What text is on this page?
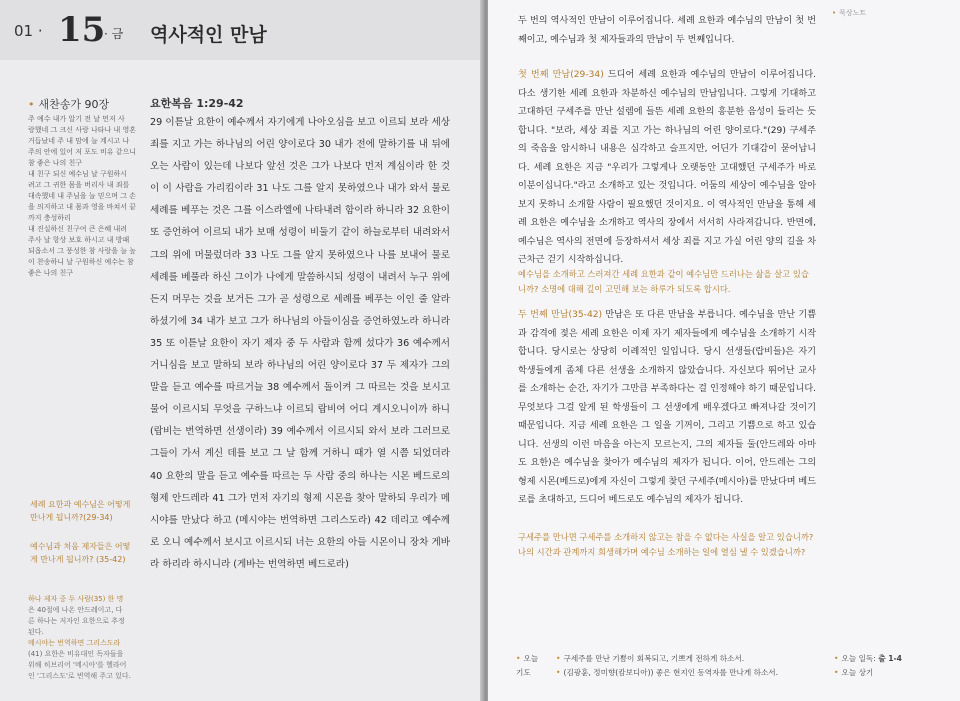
01 · 15
· 금 역사적인 만남
• 새찬송가 90장
주 예수 내가 알기 전 날 먼저 사
랑했네 그 크신 사랑 나타나 내 영혼
거듭났네 주 내 맘에 늘 계시고 나
주의 안에 있어 저 포도 비유 같으니
참 좋은 나의 친구
내 친구 되신 예수님 날 구원하시
려고 그 귀한 몸을 버리사 내 죄를
대속했네 내 주님을 늘 믿으며 그 손
을 의지하고 내 몸과 영을 바쳐서 끝
까지 충성하리
내 진실하신 친구여 큰 은혜 내려
주사 날 항상 보호 하시고 내 방패
되옵소서 그 풍성한 참 사랑을 늘 높
이 찬송하니 날 구원하신 예수는 참
좋은 나의 친구
세례 요한과 예수님은 어떻게 만나게 됩니까?(29-34)
예수님과 처음 제자들은 어떻게 만나게 됩니까? (35-42)
하나 제자 중 두 사람(35) 한 명
은 40절에 나온 안드레이고, 다
른 하나는 저자인 요한으로 추정
된다.
메시야는 번역하면 그리스도라
(41) 요한은 비유대인 독자들을
위해 히브리어 '메시아'를 헬라어
인 '그리스도'로 번역해 주고 있다.
요한복음 1:29-42
29 이튿날 요한이 예수께서 자기에게 나아오심을 보고 이르되 보라 세상 죄를 지고 가는 하나님의 어린 양이로다 30 내가 전에 말하기를 내 뒤에 오는 사람이 있는데 나보다 앞선 것은 그가 나보다 먼저 계심이라 한 것이 이 사람을 가리킴이라 31 나도 그를 알지 못하였으나 내가 와서 물로 세례를 베푸는 것은 그를 이스라엘에 나타내려 함이라 하니라 32 요한이 또 증언하여 이르되 내가 보매 성령이 비둘기 같이 하늘로부터 내려와서 그의 위에 머물렀더라 33 나도 그를 알지 못하였으나 나를 보내어 물로 세례를 베풀라 하신 그이가 나에게 말씀하시되 성령이 내려서 누구 위에든지 머무는 것을 보거든 그가 곧 성령으로 세례를 베푸는 이인 줄 알라 하셨기에 34 내가 보고 그가 하나님의 아들이심을 증언하였노라 하니라 35 또 이튿날 요한이 자기 제자 중 두 사람과 함께 섰다가 36 예수께서 거니심을 보고 말하되 보라 하나님의 어린 양이로다 37 두 제자가 그의 말을 듣고 예수를 따르거늘 38 예수께서 돌이켜 그 따르는 것을 보시고 물어 이르시되 무엇을 구하느냐 이르되 랍비여 어디 계시오니이까 하니 (랍비는 번역하면 선생이라) 39 예수께서 이르시되 와서 보라 그러므로 그들이 가서 계신 데를 보고 그 날 함께 거하니 때가 열 시쯤 되었더라 40 요한의 말을 듣고 예수를 따르는 두 사람 중의 하나는 시몬 베드로의 형제 안드레라 41 그가 먼저 자기의 형제 시몬을 찾아 말하되 우리가 메시야를 만났다 하고 (메시야는 번역하면 그리스도라) 42 데리고 예수께로 오니 예수께서 보시고 이르시되 너는 요한의 아들 시몬이니 장차 게바라 하리라 하시니라 (게바는 번역하면 베드로라)
• 묵상노트
두 번의 역사적인 만남이 이루어집니다. 세례 요한과 예수님의 만남이 첫 번째이고, 예수님과 첫 제자들과의 만남이 두 번째입니다.
첫 번째 만남(29-34) 드디어 세례 요한과 예수님의 만남이 이루어집니다. 다소 생기한 세례 요한과 차분하신 예수님의 만남입니다. 그렇게 기대하고 고대하던 구세주를 만난 설렘에 들뜬 세례 요한의 흥분한 음성이 들리는 듯합니다. "보라, 세상 죄를 지고 가는 하나님의 어린 양이로다."(29) 구세주의 죽음을 암시하니 내용은 심각하고 슬프지만, 어딘가 기대감이 묻어납니다. 세례 요한은 지금 "우리가 그렇게나 오랫동안 고대했던 구세주가 바로 이분이십니다."라고 소개하고 있는 것입니다. 어둠의 세상이 예수님을 알아보지 못하니 소개할 사람이 필요했던 것이지요. 이 역사적인 만남을 통해 세례 요한은 예수님을 소개하고 역사의 장에서 서서히 사라져갑니다. 반면에, 예수님은 역사의 전면에 등장하셔서 세상 죄를 지고 가실 어린 양의 길을 차근차근 걷기 시작하십니다.
예수님을 소개하고 스러져간 세례 요한과 같이 예수님만 드러나는 삶을 살고 있습니까? 소명에 대해 깊이 고민해 보는 하루가 되도록 합시다.
두 번째 만남(35-42) 만남은 또 다른 만남을 부릅니다. 예수님을 만난 기쁨과 감격에 젖은 세례 요한은 이제 자기 제자들에게 예수님을 소개하기 시작합니다. 당시로는 상당히 이례적인 일입니다. 당시 선생들(랍비들)은 자기 학생들에게 좀체 다른 선생을 소개하지 않았습니다. 자신보다 뛰어난 교사를 소개하는 순간, 자기가 그만큼 부족하다는 걸 인정해야 하기 때문입니다. 무엇보다 그걸 알게 된 학생들이 그 선생에게 배우겠다고 빠져나갈 것이기 때문입니다. 지금 세례 요한은 그 일을 기꺼이, 그리고 기쁨으로 하고 있습니다. 선생의 이런 마음을 아는지 모르는지, 그의 제자들 둘(안드레와 아마도 요한)은 예수님을 찾아가 예수님의 제자가 됩니다. 이어, 안드레는 그의 형제 시몬(베드로)에게 자신이 그렇게 찾던 구세주(메시아)를 만났다며 베드로를 초대하고, 드디어 베드로도 예수님의 제자가 됩니다.
구세주를 만나면 구세주를 소개하지 않고는 참을 수 없다는 사실을 알고 있습니까? 나의 시간과 관계까지 희생해가며 예수님 소개하는 일에 열심 낼 수 있겠습니까?
• 오늘 기도
• 구세주를 만난 기쁨이 회복되고, 기쁘게 전하게 하소서.
• (김광훈, 정미향(캄보디아)) 좋은 현지인 동역자를 만나게 하소서.
• 오늘 일독: 출 1-4
• 오늘 상기
